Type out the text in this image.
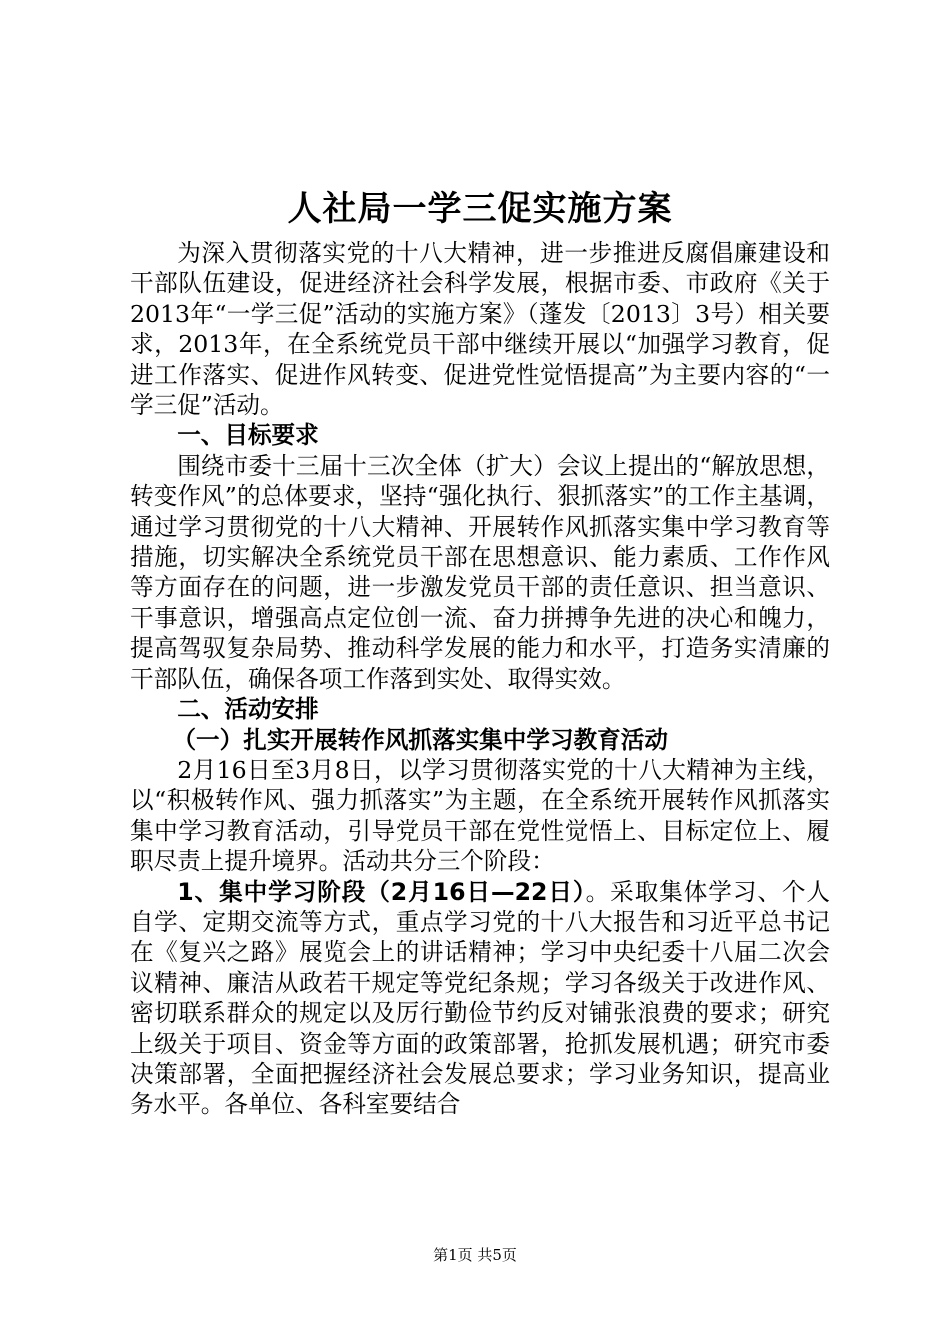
人社局一学三促实施方案

为深入贯彻落实党的十八大精神，进一步推进反腐倡廉建设和干部队伍建设，促进经济社会科学发展，根据市委、市政府《关于2013年“一学三促”活动的实施方案》（蓬发〔2013〕3号）相关要求，2013年，在全系统党员干部中继续开展以“加强学习教育，促进工作落实、促进作风转变、促进党性觉悟提高”为主要内容的“一学三促”活动。

一、目标要求

围绕市委十三届十三次全体（扩大）会议上提出的“解放思想，转变作风”的总体要求，坚持“强化执行、狠抓落实”的工作主基调，通过学习贯彻党的十八大精神、开展转作风抓落实集中学习教育等措施，切实解决全系统党员干部在思想意识、能力素质、工作作风等方面存在的问题，进一步激发党员干部的责任意识、担当意识、干事意识，增强高点定位创一流、奋力拼搏争先进的决心和魄力，提高驾驭复杂局势、推动科学发展的能力和水平，打造务实清廉的干部队伍，确保各项工作落到实处、取得实效。

二、活动安排

（一）扎实开展转作风抓落实集中学习教育活动

2月16日至3月8日，以学习贯彻落实党的十八大精神为主线，以“积极转作风、强力抓落实”为主题，在全系统开展转作风抓落实集中学习教育活动，引导党员干部在党性觉悟上、目标定位上、履职尽责上提升境界。活动共分三个阶段：

1、集中学习阶段（2月16日—22日）。采取集体学习、个人自学、定期交流等方式，重点学习党的十八大报告和习近平总书记在《复兴之路》展览会上的讲话精神；学习中央纪委十八届二次会议精神、廉洁从政若干规定等党纪条规；学习各级关于改进作风、密切联系群众的规定以及厉行勤俭节约反对铺张浪费的要求；研究上级关于项目、资金等方面的政策部署，抢抓发展机遇；研究市委决策部署，全面把握经济社会发展总要求；学习业务知识，提高业务水平。各单位、各科室要结合

第1页 共5页
